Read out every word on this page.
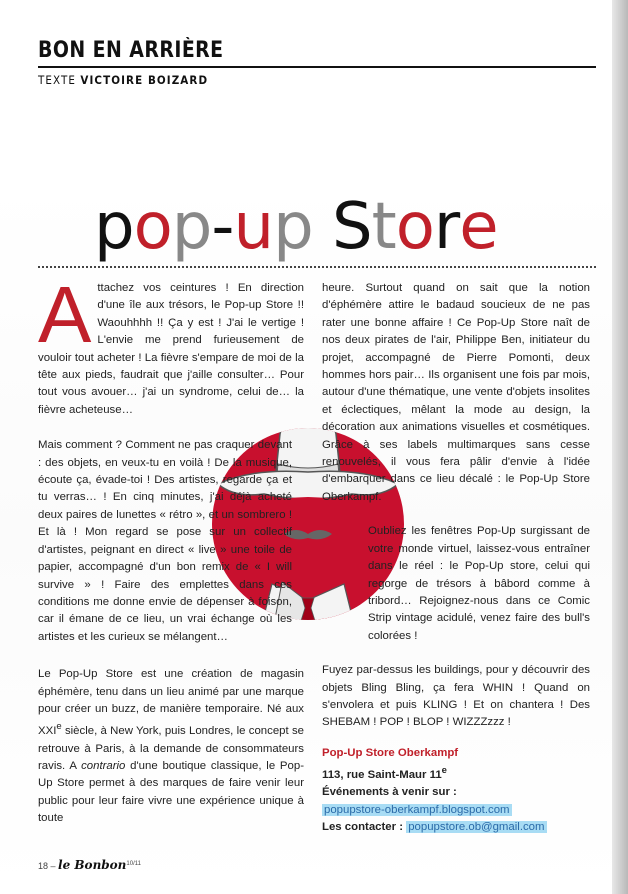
BON EN ARRIÈRE
TEXTE VICTOIRE BOIZARD
pop-up Store

Attachez vos ceintures ! En direction d'une île aux trésors, le Pop-up Store !! Waouhhhh !! Ça y est ! J'ai le vertige ! L'envie me prend furieusement de vouloir tout acheter ! La fièvre s'empare de moi de la tête aux pieds, faudrait que j'aille consulter… Pour tout vous avouer… j'ai un syndrome, celui de… la fièvre acheteuse…

Mais comment ? Comment ne pas craquer devant : des objets, en veux-tu en voilà ! De la musique, écoute ça, évade-toi ! Des artistes, regarde ça et tu verras… ! En cinq minutes, j'ai déjà acheté deux paires de lunettes « rétro », et un sombrero ! Et là ! Mon regard se pose sur un collectif d'artistes, peignant en direct « live » une toile de papier, accompagné d'un bon remix de « I will survive » ! Faire des emplettes dans ces conditions me donne envie de dépenser à foison, car il émane de ce lieu, un vrai échange où les artistes et les curieux se mélangent…

Le Pop-Up Store est une création de magasin éphémère, tenu dans un lieu animé par une marque pour créer un buzz, de manière temporaire. Né aux XXIe siècle, à New York, puis Londres, le concept se retrouve à Paris, à la demande de consommateurs ravis. A contrario d'une boutique classique, le Pop-Up Store permet à des marques de faire venir leur public pour leur faire vivre une expérience unique à toute

heure. Surtout quand on sait que la notion d'éphémère attire le badaud soucieux de ne pas rater une bonne affaire ! Ce Pop-Up Store naît de nos deux pirates de l'air, Philippe Ben, initiateur du projet, accompagné de Pierre Pomonti, deux hommes hors pair… Ils organisent une fois par mois, autour d'une thématique, une vente d'objets insolites et éclectiques, mêlant la mode au design, la décoration aux animations visuelles et cosmétiques. Grâce à ses labels multimarques sans cesse renouvelés, il vous fera pâlir d'envie à l'idée d'embarquer dans ce lieu décalé : le Pop-Up Store Oberkampf.

Oubliez les fenêtres Pop-Up surgissant de votre monde virtuel, laissez-vous entraîner dans le réel : le Pop-Up store, celui qui regorge de trésors à bâbord comme à tribord… Rejoignez-nous dans ce Comic Strip vintage acidulé, venez faire des bull's colorées !

Fuyez par-dessus les buildings, pour y découvrir des objets Bling Bling, ça fera WHIN ! Quand on s'envolera et puis KLING ! Et on chantera ! Des SHEBAM ! POP ! BLOP ! WIZZZzzz !

Pop-Up Store Oberkampf
113, rue Saint-Maur 11e
Événements à venir sur :
popupstore-oberkampf.blogspot.com
Les contacter : popupstore.ob@gmail.com
18 – le Bonbon$^{10/11}$
